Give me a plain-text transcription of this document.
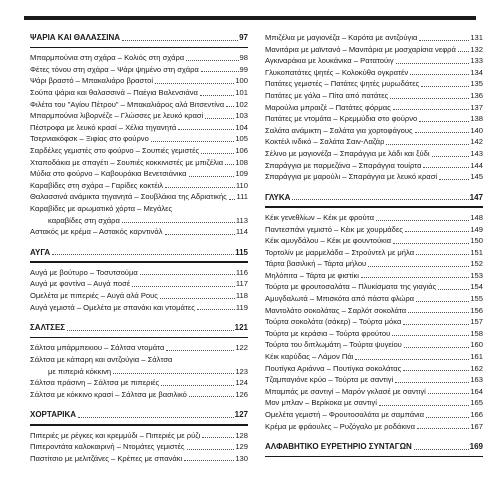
ΨΑΡΙΑ ΚΑΙ ΘΑΛΑΣΣΙΝΑ	97
Μπαρμπούνια στη σχάρα – Κολιός στη σχάρα	98
Φέτες τόνου στη σχάρα – Ψάρι ψημένο στη σχάρα	99
Ψάρι βραστό – Μπακαλιάρο βραστοί	100
Σούπα ψάρια και θαλασσινά – Παέγια Βαλενσιάνα	101
Φιλέτα του "Αγίου Πέτρου" – Μπακαλιάρος αλά Βιτσεντίνα 102
Μπαρμπούνια λιβορνέζε – Γλώσσες με λευκό κρασί	103
Πέστροφα με λευκό κρασί – Χέλια τηγανητά	104
Τσερνιακόφσκ – Ξιφίας στο φούρνο	105
Σαρδέλες γεμιστές στο φούρνο – Σουπιές γεμιστές	106
Χταποδάκια με σπαγέτι – Σουπιές κοκκινιστές με μπιζέλια 108
Μύδια στο φούρνο – Καβουράκια Βενετσιάνικα	109
Καραβίδες στη σχάρα – Γαρίδες κοκτέιλ	110
Θαλασσινά ανάμικτα τηγανητά – Σουβλάκια της Αδριατικής 111
Καραβίδες με αρωματικό χόρτα – Μεγάλες
καραβίδες στη σχάρα	113
Αστακός με κρέμα – Αστακός καρντινάλ	114
ΑΥΓΑ	115
Αυγά με βούτυρο – Τοσυτσούμα	116
Αυγά με φοντίνα – Αυγά ποσέ	117
Ομελέτα με πιπεριές – Αυγά αλά Ρους	118
Αυγά γεμιστά – Ομελέτα με σπανάκι και ντομάτες	119
ΣΑΛΤΣΕΣ	121
Σάλτσα μπάρμπεκιου – Σάλτσα ντομάτα	122
Σάλτσα με κάπαρη και αντζούγια – Σάλτσα
με πιπεριά κόκκινη	123
Σάλτσα πράσινη – Σάλτσα με πιπεριές	124
Σάλτσα με κόκκινο κρασί – Σάλτσα με βασιλικό	126
ΧΟΡΤΑΡΙΚΑ	127
Πιπεριές με ρέγκες και κρεμμύδι – Πιπεριές με ρύζι	128
Πιπεροντάτα καλοκαιρινή – Ντομάτες γεμιστές	129
Παστίτσιο με μελιτζάνες – Κρέπες με σπανάκι	130
Μπιζέλια με μαγιονέζα – Καρότα με αντζούγια	131
Μανιτάρια με μαϊντανό – Μανιτάρια με μοσχαρίσια νεφρά 132
Αγκιναράκια με λουκάνικα – Ρατατούιγ	133
Γλυκοπατάτες ψητές – Κολοκύθα ογκρατέν	134
Πατάτες γεμιστές – Πατάτες ψητές μυρωδάτες	135
Πατάτες με γάλα – Πίτα από πατάτες	136
Μαρούλια μπραιζέ – Πατάτες φόρμας	137
Πατάτες με ντομάτα – Κρεμμύδια στο φούρνο	138
Σαλάτα ανάμικτη – Σαλάτα για χορτοφάγους	140
Κοκτέιλ ινδικό – Σαλάτα Σαιν-Λαζάρ	142
Σέλινο με μαγιονέζα – Σπαράγγια με λάδι και ξύδι	143
Σπαράγγια με παρμεζάνα – Σπαράγγια τουίρτα	144
Σπαράγγια με μαρούλι – Σπαράγγια με λευκό κρασί	145
ΓΛΥΚΑ	147
Κέικ γενεθλίων – Κέικ με φρούτα	148
Παντεσπάνι γεμιστό – Κέικ με χουρμάδες	149
Κέικ αμυγδάλου – Κέικ με φουντούκια	150
Τορτολίν με μαρμελάδα – Στρούντελ με μήλα	151
Τάρτα βασιλική – Τάρτα μήλου	152
Μηλόπιτα – Τάρτα με φιστίκι	153
Τούρτα με φρουτοσαλάτα – Πλυκίσματα της γιαγιάς	154
Αμυγδαλωτά – Μπισκότα από πάστα φλώρα	155
Μαντολάτο σοκολάτας – Σαρλότ σοκολάτα	156
Τούρτα σοκολάτα (σάκερ) – Τούρτα μόκα	157
Τούρτα με κεράσια – Τούρτα φρούτου	158
Τούρτα του διπλωμάτη – Τούρτα ψυγείου	160
Κέικ καρύδας – Λάμον Πάι	161
Πουτίγκα Αριάννα – Πουτίγκα σοκολάτας	162
Τζαμπαγιόνε κρύο – Τούρτα με σαντιγί	163
Μπαμπάς με σαντιγί – Μαρόν γκλασέ με σαντιγί	164
Μον μπλαν – Βερίκοκα με σαντιγί	165
Ομελέτα γεμιστή – Φρουτοσαλάτα με σαμπάνια	166
Κρέμα με φράουλες – Ρυζόγαλο με ροδάκινα	167
ΑΛΦΑΒΗΤΙΚΟ ΕΥΡΕΤΗΡΙΟ ΣΥΝΤΑΓΩΝ	169
